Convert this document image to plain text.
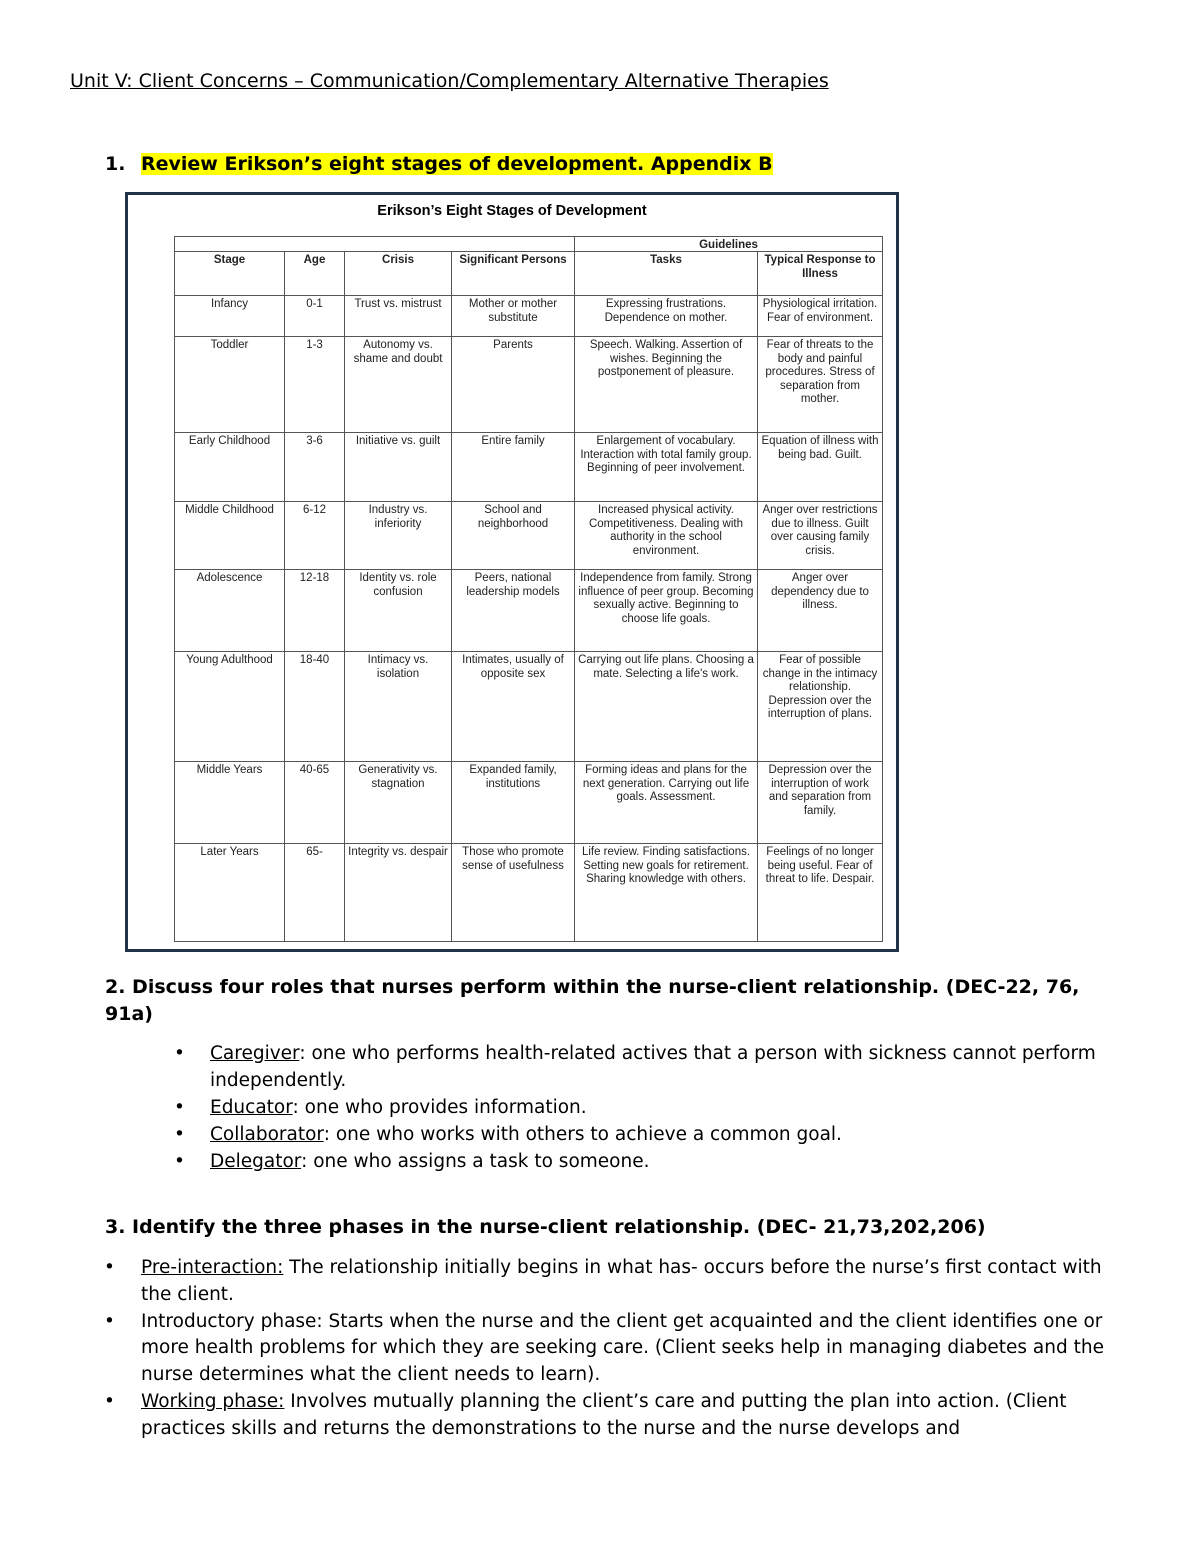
Unit V: Client Concerns – Communication/Complementary Alternative Therapies
1. Review Erikson’s eight stages of development. Appendix B
Erikson’s Eight Stages of Development
				Guidelines	
Stage	Age	Crisis	Significant Persons	Tasks	Typical Response to Illness
Infancy	0-1	Trust vs. mistrust	Mother or mother substitute	Expressing frustrations. Dependence on mother.	Physiological irritation. Fear of environment.
Toddler	1-3	Autonomy vs. shame and doubt	Parents	Speech. Walking. Assertion of wishes. Beginning the postponement of pleasure.	Fear of threats to the body and painful procedures. Stress of separation from mother.
Early Childhood	3-6	Initiative vs. guilt	Entire family	Enlargement of vocabulary. Interaction with total family group. Beginning of peer involvement.	Equation of illness with being bad. Guilt.
Middle Childhood	6-12	Industry vs. inferiority	School and neighborhood	Increased physical activity. Competitiveness. Dealing with authority in the school environment.	Anger over restrictions due to illness. Guilt over causing family crisis.
Adolescence	12-18	Identity vs. role confusion	Peers, national leadership models	Independence from family. Strong influence of peer group. Becoming sexually active. Beginning to choose life goals.	Anger over dependency due to illness.
Young Adulthood	18-40	Intimacy vs. isolation	Intimates, usually of opposite sex	Carrying out life plans. Choosing a mate. Selecting a life's work.	Fear of possible change in the intimacy relationship. Depression over the interruption of plans.
Middle Years	40-65	Generativity vs. stagnation	Expanded family, institutions	Forming ideas and plans for the next generation. Carrying out life goals. Assessment.	Depression over the interruption of work and separation from family.
Later Years	65-	Integrity vs. despair	Those who promote sense of usefulness	Life review. Finding satisfactions. Setting new goals for retirement. Sharing knowledge with others.	Feelings of no longer being useful. Fear of threat to life. Despair.
2. Discuss four roles that nurses perform within the nurse-client relationship. (DEC-22, 76, 91a)
• Caregiver: one who performs health-related actives that a person with sickness cannot perform independently.
• Educator: one who provides information.
• Collaborator: one who works with others to achieve a common goal.
• Delegator: one who assigns a task to someone.
3. Identify the three phases in the nurse-client relationship. (DEC- 21,73,202,206)
• Pre-interaction: The relationship initially begins in what has- occurs before the nurse’s first contact with the client.
• Introductory phase: Starts when the nurse and the client get acquainted and the client identifies one or more health problems for which they are seeking care. (Client seeks help in managing diabetes and the nurse determines what the client needs to learn).
• Working phase: Involves mutually planning the client’s care and putting the plan into action. (Client practices skills and returns the demonstrations to the nurse and the nurse develops and
